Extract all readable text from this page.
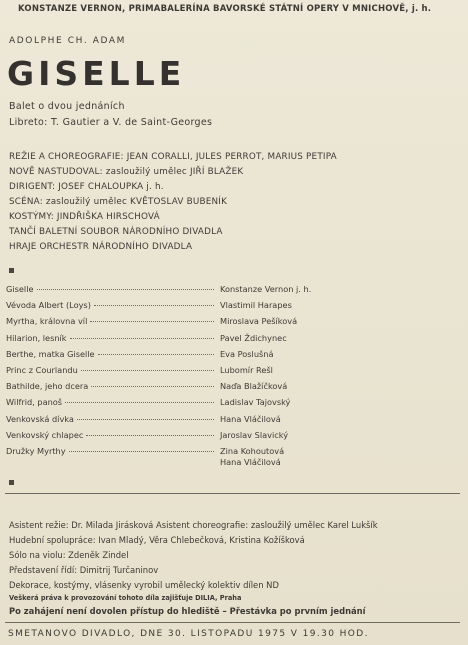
KONSTANZE VERNON, PRIMABALERÍNA BAVORSKÉ STÁTNÍ OPERY V MNICHOVĚ, j. h.
ADOLPHE CH. ADAM
GISELLE
Balet o dvou jednáních
Libreto: T. Gautier a V. de Saint-Georges
REŽIE A CHOREOGRAFIE: JEAN CORALLI, JULES PERROT, MARIUS PETIPA
NOVĚ NASTUDOVAL: zasloužilý umělec JIŘÍ BLAŽEK
DIRIGENT: JOSEF CHALOUPKA j. h.
SCÉNA: zasloužilý umělec KVĚTOSLAV BUBENÍK
KOSTÝMY: JINDŘIŠKA HIRSCHOVÁ
TANČÍ BALETNÍ SOUBOR NÁRODNÍHO DIVADLA
HRAJE ORCHESTR NÁRODNÍHO DIVADLA
Giselle	Konstanze Vernon j. h.
Vévoda Albert (Loys)	Vlastimil Harapes
Myrtha, královna víl	Miroslava Pešíková
Hilarion, lesník	Pavel Ždichynec
Berthe, matka Giselle	Eva Poslušná
Princ z Courlandu	Lubomír Rešl
Bathilde, jeho dcera	Naďa Blažíčková
Wilfrid, panoš	Ladislav Tajovský
Venkovská dívka	Hana Vláčilová
Venkovský chlapec	Jaroslav Slavický
Družky Myrthy	Zina Kohoutová
Hana Vláčilová
Asistent režie: Dr. Milada Jirásková Asistent choreografie: zasloužilý umělec Karel Lukšík
Hudební spolupráce: Ivan Mladý, Věra Chlebečková, Kristina Kožíšková
Sólo na violu: Zdeněk Zindel
Představení řídí: Dimitrij Turčaninov
Dekorace, kostýmy, vlásenky vyrobil umělecký kolektiv dílen ND
Veškerá práva k provozování tohoto díla zajišťuje DILIA, Praha
Po zahájení není dovolen přístup do hlediště – Přestávka po prvním jednání
SMETANOVO DIVADLO, DNE 30. LISTOPADU 1975 V 19.30 HOD.
